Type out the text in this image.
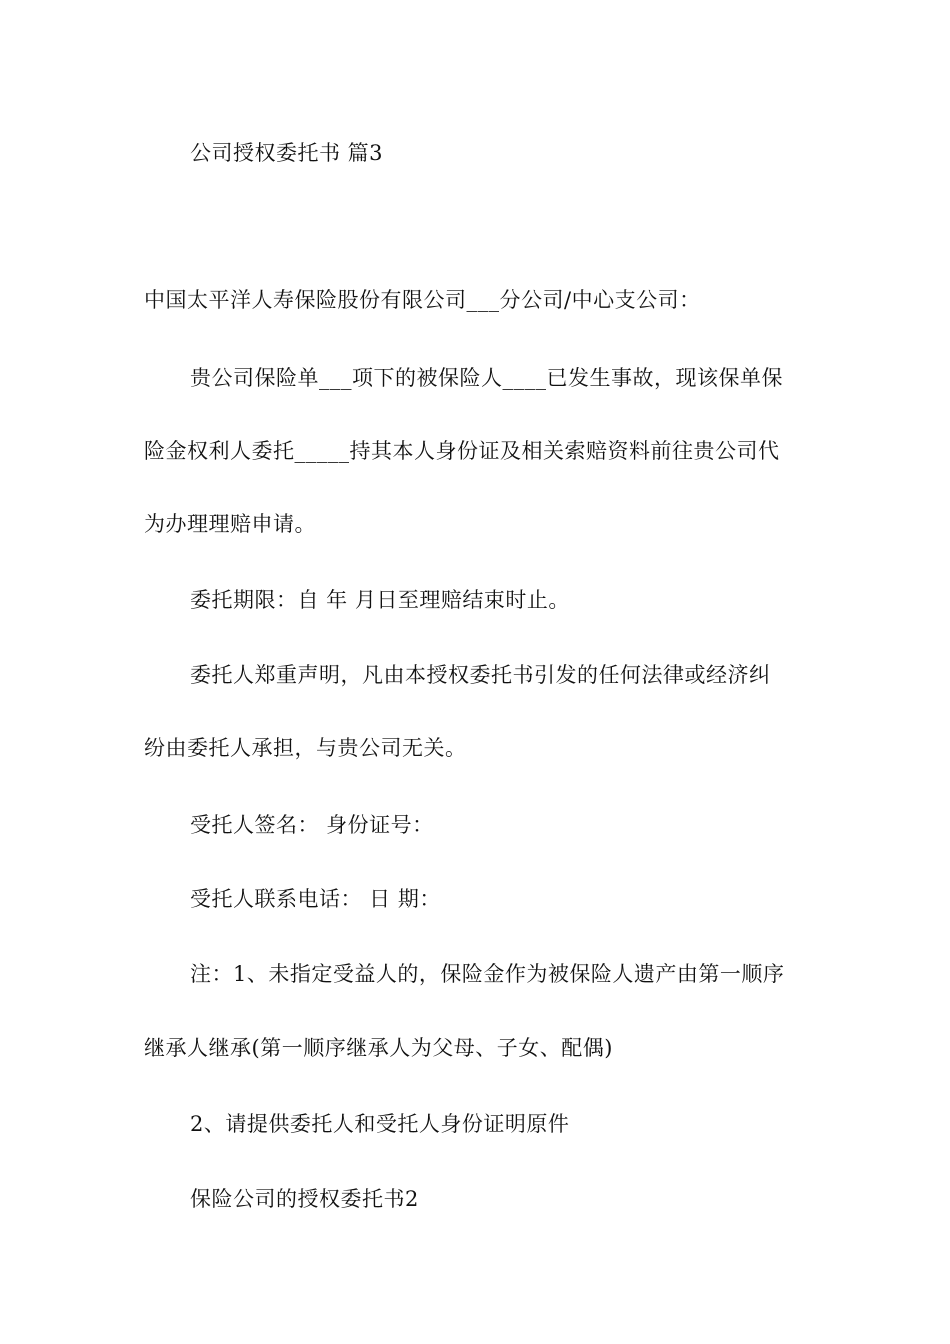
公司授权委托书 篇3
中国太平洋人寿保险股份有限公司___分公司/中心支公司：
贵公司保险单___项下的被保险人____已发生事故，现该保单保
险金权利人委托_____持其本人身份证及相关索赔资料前往贵公司代
为办理理赔申请。
委托期限：自 年 月日至理赔结束时止。
委托人郑重声明，凡由本授权委托书引发的任何法律或经济纠
纷由委托人承担，与贵公司无关。
受托人签名： 身份证号：
受托人联系电话： 日 期：
注：1、未指定受益人的，保险金作为被保险人遗产由第一顺序
继承人继承(第一顺序继承人为父母、子女、配偶)
2、请提供委托人和受托人身份证明原件
保险公司的授权委托书2
